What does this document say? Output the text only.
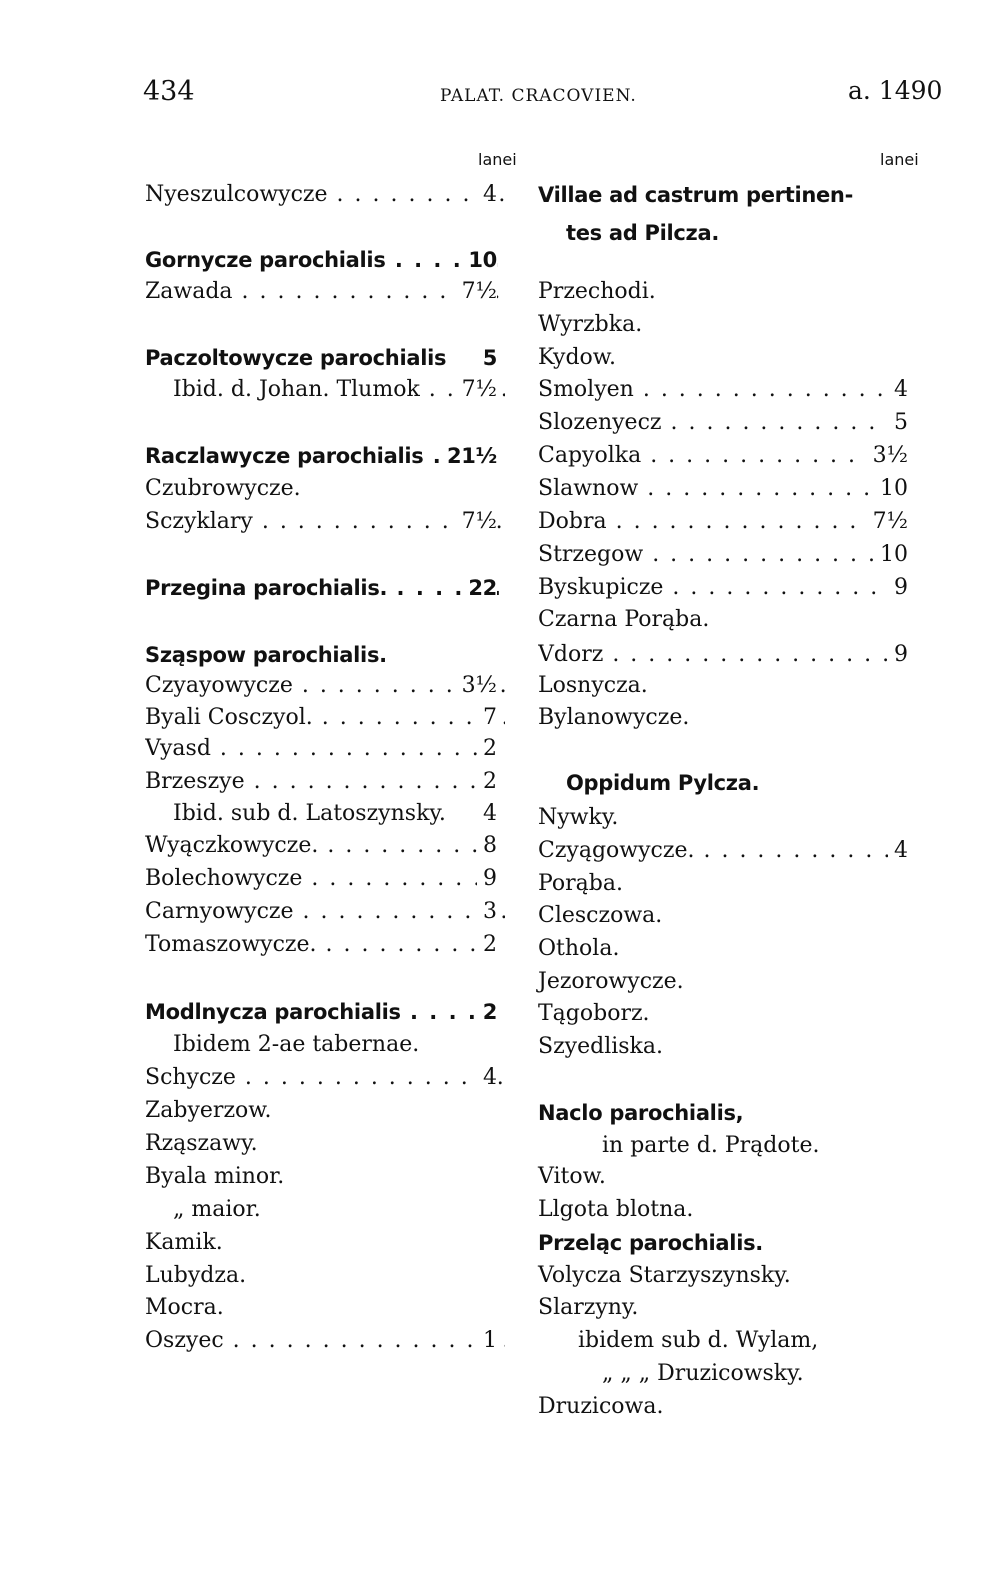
434	PALAT. CRACOVIEN.	a. 1490
lanei	lanei
Nyeszulcowycze . . .	4
Gornycze parochialis . . .	10
Zawada . . .	7½
Paczoltowycze parochialis 5
Ibid. d. Johan. Tlumok . . . 7½
Raczlawycze parochialis . . . 21½
Czubrowycze.
Sczyklary . . .	7½
Przegina parochialis. . . .	22
Sząspow parochialis.
Czyayowycze . . .	3½
Byali Cosczyol. . . .	7
Vyasd . . .	2
Brzeszye . . .	2
Ibid. sub d. Latoszynsky. 4
Wyączkowycze. . . .	8
Bolechowycze . . .	9
Carnyowycze . . .	3
Tomaszowycze. . . .	2
Modlnycza parochialis . . .	2
Ibidem 2-ae tabernae.
Schycze . . .	4
Zabyerzow.
Rząszawy.
Byala minor.
„ maior.
Kamik.
Lubydza.
Mocra.
Oszyec . . .	1
Villae ad castrum pertinen-
tes ad Pilcza.
Przechodi.
Wyrzbka.
Kydow.
Smolyen . . .	4
Slozenyecz . . .	5
Capyolka . . .	3½
Slawnow . . .	10
Dobra . . .	7½
Strzegow . . .	10
Byskupicze . . .	9
Czarna Porąba.
Vdorz . . .	9
Losnycza.
Bylanowycze.
Oppidum Pylcza.
Nywky.
Czyągowycze. . . .	4
Porąba.
Clesczowa.
Othola.
Jezorowycze.
Tągoborz.
Szyedliska.
Naclo parochialis,
in parte d. Prądote.
Vitow.
Llgota blotna.
Przeląc parochialis.
Volycza Starzyszynsky.
Slarzyny.
ibidem sub d. Wylam,
„ „ „ Druzicowsky.
Druzicowa.
